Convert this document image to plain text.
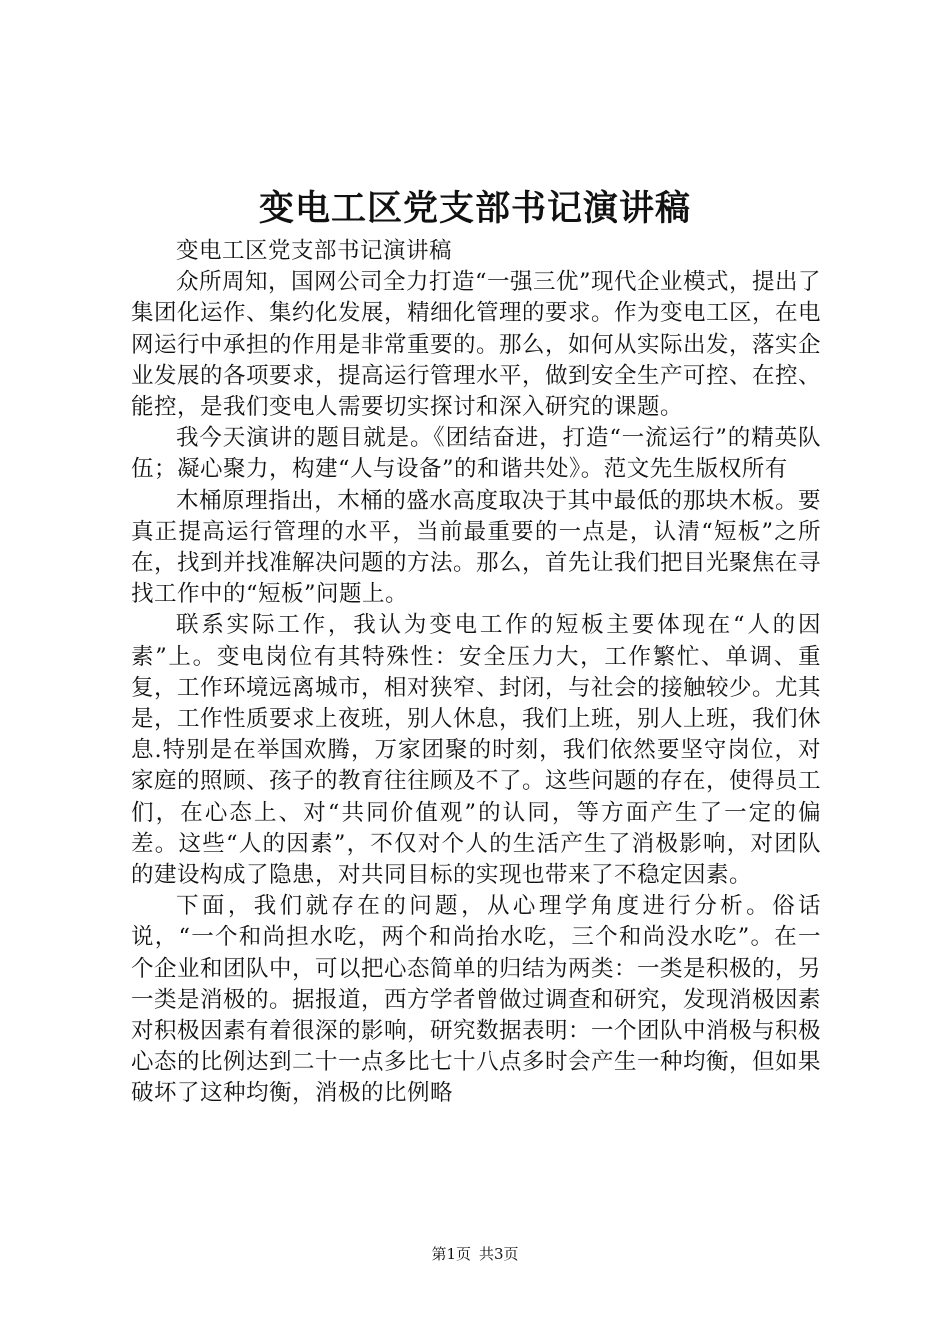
变电工区党支部书记演讲稿

变电工区党支部书记演讲稿

众所周知，国网公司全力打造“一强三优”现代企业模式，提出了集团化运作、集约化发展，精细化管理的要求。作为变电工区，在电网运行中承担的作用是非常重要的。那么，如何从实际出发，落实企业发展的各项要求，提高运行管理水平，做到安全生产可控、在控、能控，是我们变电人需要切实探讨和深入研究的课题。

我今天演讲的题目就是。《团结奋进，打造“一流运行”的精英队伍；凝心聚力，构建“人与设备”的和谐共处》。范文先生版权所有

木桶原理指出，木桶的盛水高度取决于其中最低的那块木板。要真正提高运行管理的水平，当前最重要的一点是，认清“短板”之所在，找到并找准解决问题的方法。那么，首先让我们把目光聚焦在寻找工作中的“短板”问题上。

联系实际工作，我认为变电工作的短板主要体现在“人的因素”上。变电岗位有其特殊性：安全压力大，工作繁忙、单调、重复，工作环境远离城市，相对狭窄、封闭，与社会的接触较少。尤其是，工作性质要求上夜班，别人休息，我们上班，别人上班，我们休息.特别是在举国欢腾，万家团聚的时刻，我们依然要坚守岗位，对家庭的照顾、孩子的教育往往顾及不了。这些问题的存在，使得员工们，在心态上、对“共同价值观”的认同，等方面产生了一定的偏差。这些“人的因素”，不仅对个人的生活产生了消极影响，对团队的建设构成了隐患，对共同目标的实现也带来了不稳定因素。

下面，我们就存在的问题，从心理学角度进行分析。俗话说，“一个和尚担水吃，两个和尚抬水吃，三个和尚没水吃”。在一个企业和团队中，可以把心态简单的归结为两类：一类是积极的，另一类是消极的。据报道，西方学者曾做过调查和研究，发现消极因素对积极因素有着很深的影响，研究数据表明：一个团队中消极与积极心态的比例达到二十一点多比七十八点多时会产生一种均衡，但如果破坏了这种均衡，消极的比例略

第1页 共3页
